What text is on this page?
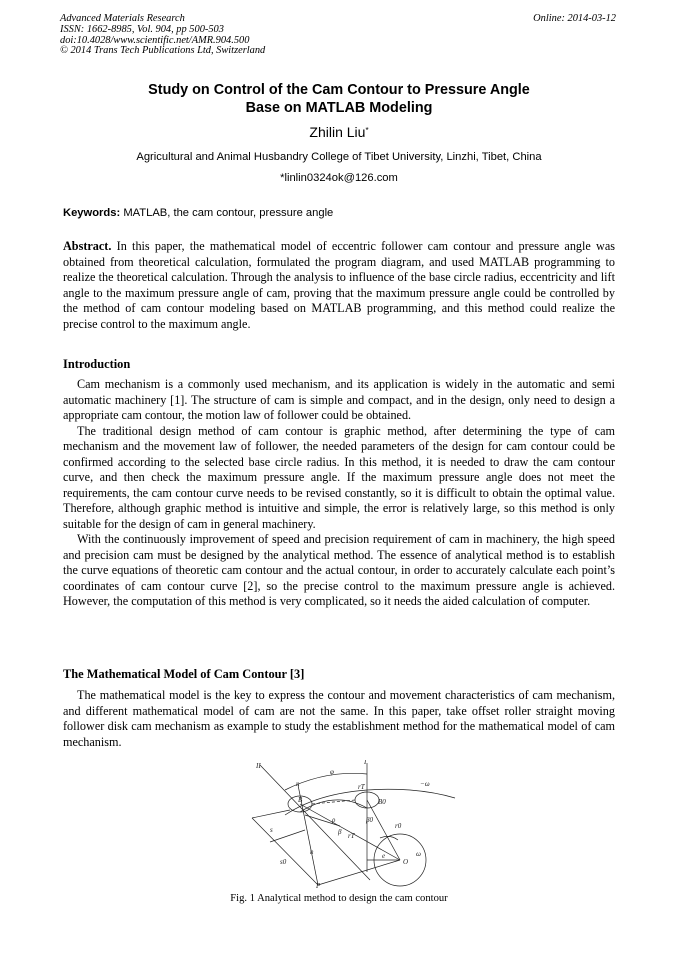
Advanced Materials Research
ISSN: 1662-8985, Vol. 904, pp 500-503
doi:10.4028/www.scientific.net/AMR.904.500
© 2014 Trans Tech Publications Ltd, Switzerland
Online: 2014-03-12
Study on Control of the Cam Contour to Pressure Angle
Base on MATLAB Modeling
Zhilin Liu*
Agricultural and Animal Husbandry College of Tibet University, Linzhi, Tibet, China
*linlin0324ok@126.com
Keywords: MATLAB, the cam contour, pressure angle

Abstract. In this paper, the mathematical model of eccentric follower cam contour and pressure angle was obtained from theoretical calculation, formulated the program diagram, and used MATLAB programming to realize the theoretical calculation. Through the analysis to influence of the base circle radius, eccentricity and lift angle to the maximum pressure angle of cam, proving that the maximum pressure angle could be controlled by the method of cam contour modeling based on MATLAB programming, and this method could realize the precise control to the maximum angle.

Introduction

Cam mechanism is a commonly used mechanism, and its application is widely in the automatic and semi automatic machinery [1]. The structure of cam is simple and compact, and in the design, only need to design a appropriate cam contour, the motion law of follower could be obtained.

The traditional design method of cam contour is graphic method, after determining the type of cam mechanism and the movement law of follower, the needed parameters of the design for cam contour could be confirmed according to the selected base circle radius. In this method, it is needed to draw the cam contour curve, and then check the maximum pressure angle. If the maximum pressure angle does not meet the requirements, the cam contour curve needs to be revised constantly, so it is difficult to obtain the optimal value. Therefore, although graphic method is intuitive and simple, the error is relatively large, so this method is only suitable for the design of cam in general machinery.

With the continuously improvement of speed and precision requirement of cam in machinery, the high speed and precision cam must be designed by the analytical method. The essence of analytical method is to establish the curve equations of theoretic cam contour and the actual contour, in order to accurately calculate each point’s coordinates of cam contour curve [2], so the precise control to the maximum pressure angle is achieved. However, the computation of this method is very complicated, so it needs the aided calculation of computer.

The Mathematical Model of Cam Contour [3]

The mathematical model is the key to express the contour and movement characteristics of cam mechanism, and different mathematical model of cam are not the same. In this paper, take offset roller straight moving follower disk cam mechanism as example to study the establishment method for the mathematical model of cam mechanism.

II	I
φ
−ω
n
B
rT
B0
β0
r0
s
s0
e
O
P
n
ρ
β rT
ω
Fig. 1 Analytical method to design the cam contour
